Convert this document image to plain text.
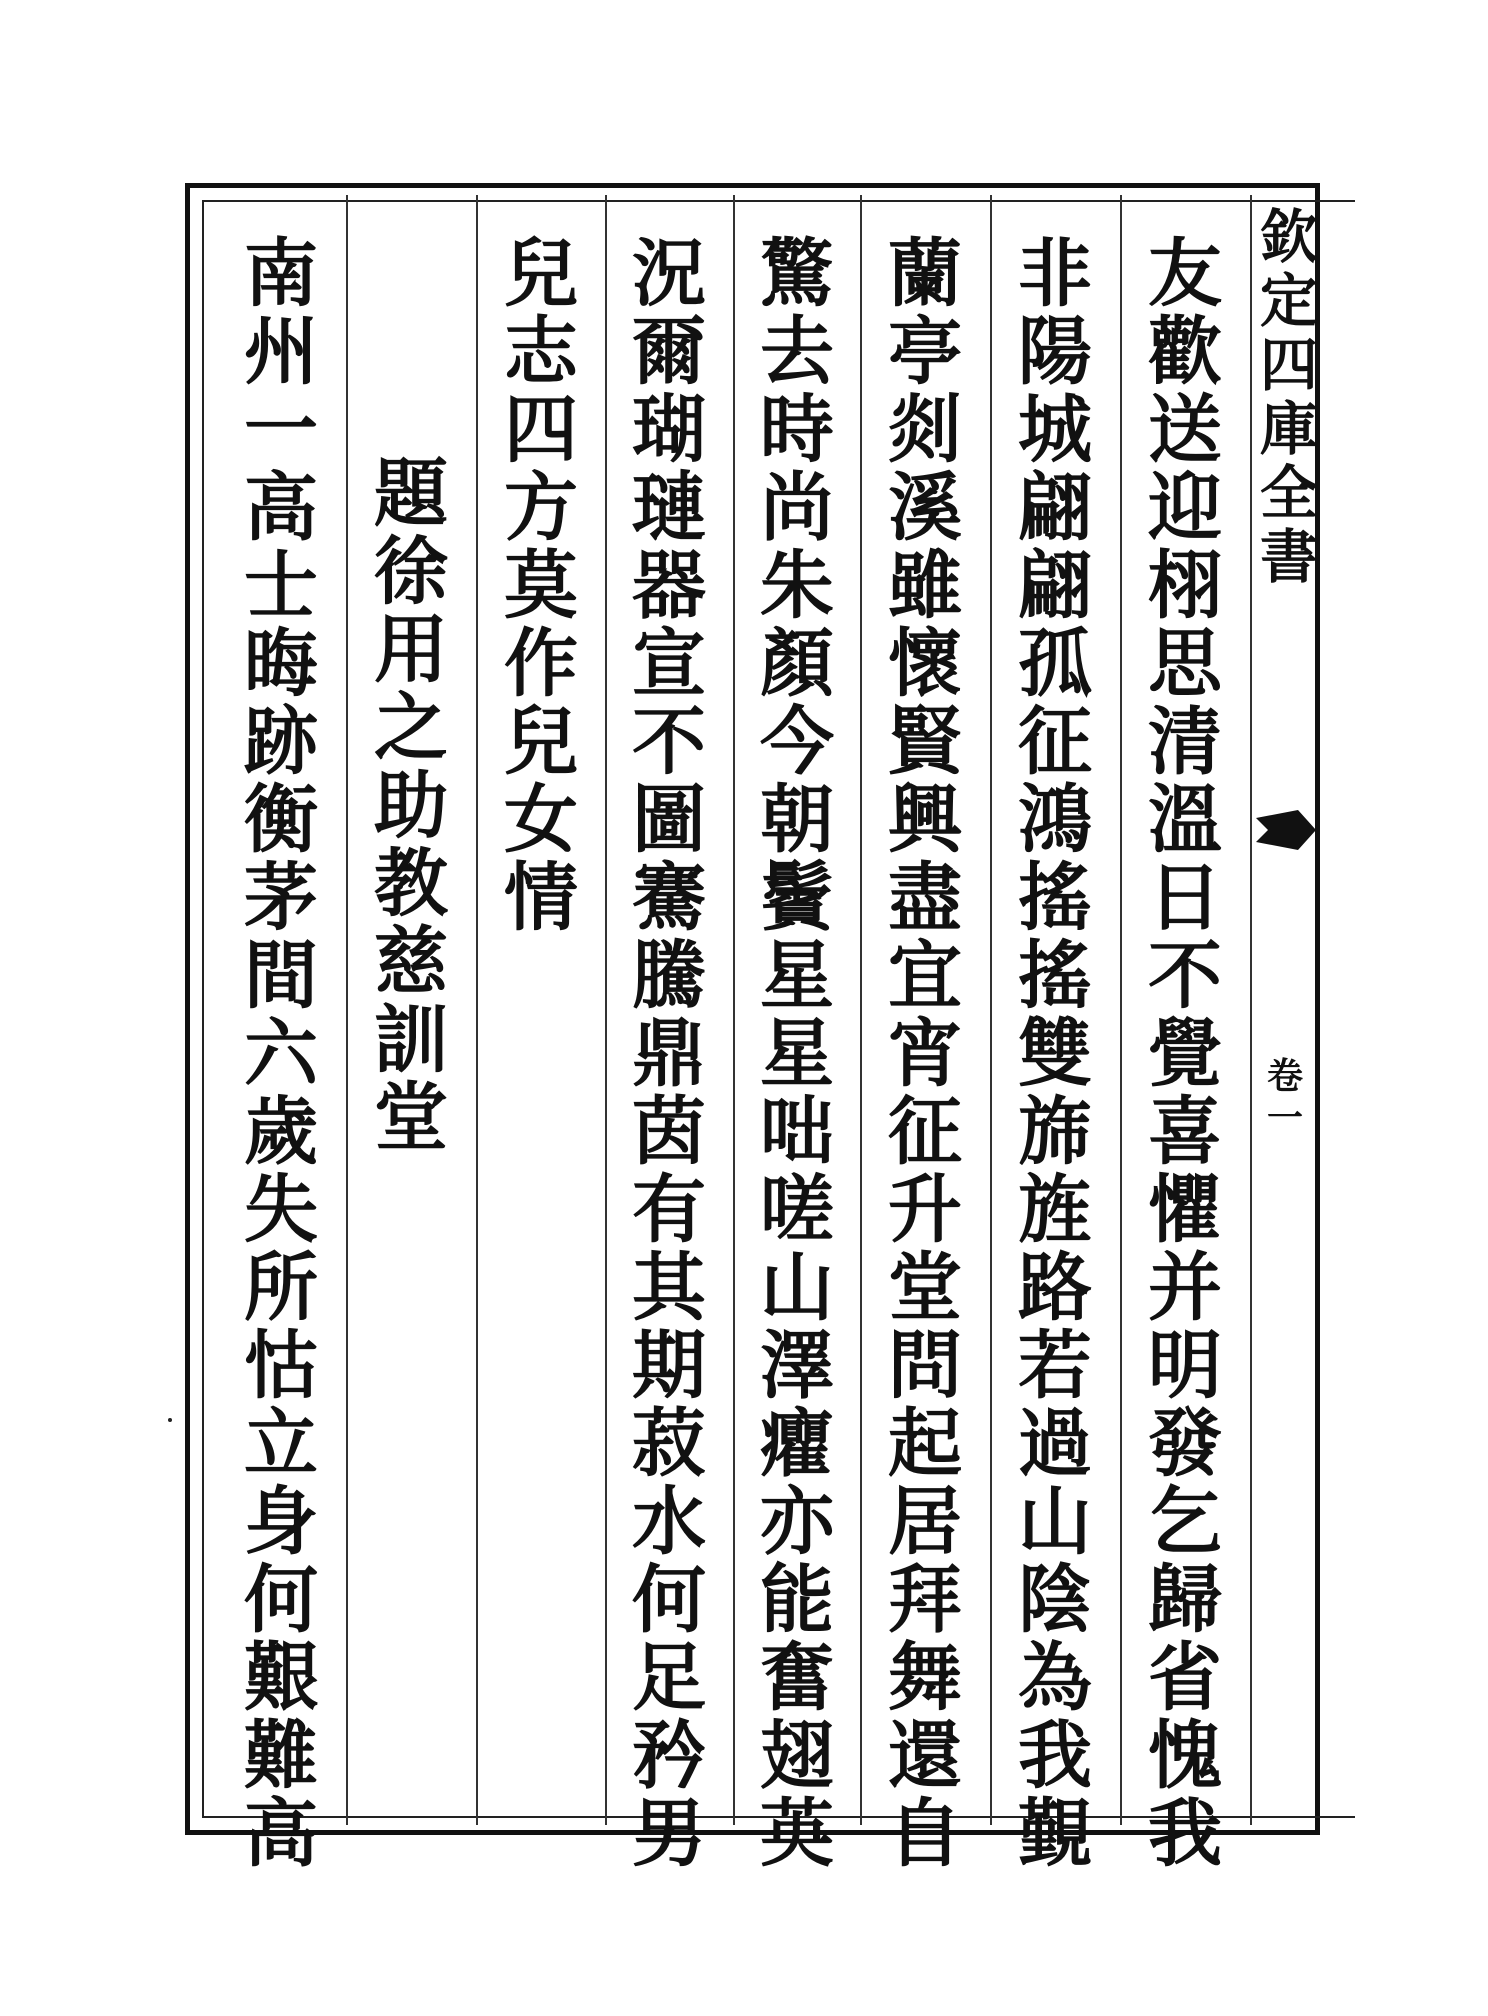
欽
定
四
庫
全
書
卷
一
友
歡
送
迎
栩
思
清
溫
日
不
覺
喜
懼
并
明
發
乞
歸
省
愧
我
非
陽
城
翩
翩
孤
征
鴻
搖
搖
雙
旆
旌
路
若
過
山
陰
為
我
覲
蘭
亭
剡
溪
雖
懷
賢
興
盡
宜
宵
征
升
堂
問
起
居
拜
舞
還
自
驚
去
時
尚
朱
顏
今
朝
鬢
星
星
咄
嗟
山
澤
癯
亦
能
奮
翅
英
況
爾
瑚
璉
器
宣
不
圖
騫
騰
鼎
茵
有
其
期
菽
水
何
足
矜
男
兒
志
四
方
莫
作
兒
女
情
題
徐
用
之
助
教
慈
訓
堂
南
州
一
高
士
晦
跡
衡
茅
間
六
歲
失
所
怙
立
身
何
艱
難
高
